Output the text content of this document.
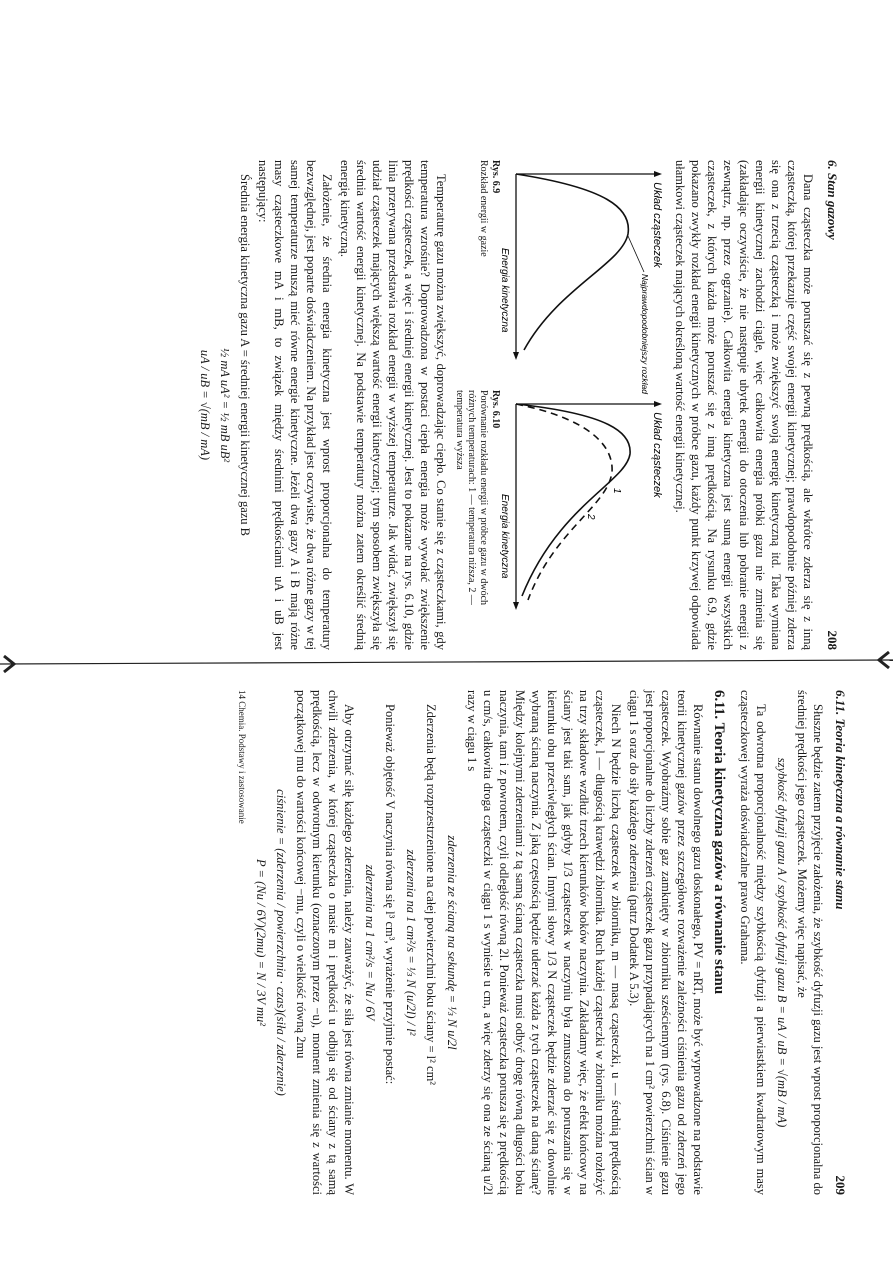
6. Stan gazowy
208

Dana cząsteczka może poruszać się z pewną prędkością, ale wkrótce zderza się z inną cząsteczką, której przekazuje część swojej energii kinetycznej; prawdopodobnie później zderza się ona z trzecią cząsteczką i może zwiększyć swoją energię kinetyczną itd. Taka wymiana energii kinetycznej zachodzi ciągle, więc całkowita energia próbki gazu nie zmienia się (zakładając oczywiście, że nie następuje ubytek energii do otoczenia lub pobranie energii z zewnątrz, np. przez ogrzanie). Całkowita energia kinetyczna jest sumą energii wszystkich cząsteczek, z których każda może poruszać się z inną prędkością. Na rysunku 6.9, gdzie pokazano zwykły rozkład energii kinetycznych w próbce gazu, każdy punkt krzywej odpowiada ułamkowi cząsteczek mających określoną wartość energii kinetycznej.

Układ cząsteczek
Energia kinetyczna	Najprawdopodobniejszy rozkład
Rys. 6.9
Rozkład energii w gazie
Układ cząsteczek
Energia kinetyczna
1
2
Rys. 6.10
Porównanie rozkładu energii w próbce gazu w dwóch różnych temperaturach: 1 — temperatura niższa, 2 — temperatura wyższa

Temperaturę gazu można zwiększyć, doprowadzając ciepło. Co stanie się z cząsteczkami, gdy temperatura wzrośnie? Doprowadzona w postaci ciepła energia może wywołać zwiększenie prędkości cząsteczek, a więc i średniej energii kinetycznej. Jest to pokazane na rys. 6.10, gdzie linia przerywana przedstawia rozkład energii w wyższej temperaturze. Jak widać, zwiększył się udział cząsteczek mających większą wartość energii kinetycznej; tym sposobem zwiększyła się średnia wartość energii kinetycznej. Na podstawie temperatury można zatem określić średnią energię kinetyczną.

Założenie, że średnia energia kinetyczna jest wprost proporcjonalna do temperatury bezwzględnej, jest poparte doświadczeniem. Na przykład jest oczywiste, że dwa różne gazy w tej samej temperaturze muszą mieć równe energie kinetyczne. Jeżeli dwa gazy A i B mają różne masy cząsteczkowe mA i mB, to związek między średnimi prędkościami uA i uB jest następujący:

Średnia energia kinetyczna gazu A = średniej energii kinetycznej gazu B

½ mA uA² = ½ mB uB²
uA / uB = √(mB / mA)
6.11. Teoria kinetyczna a równanie stanu
209

Słuszne będzie zatem przyjęcie założenia, że szybkość dyfuzji gazu jest wprost proporcjonalna do średniej prędkości jego cząsteczek. Możemy więc napisać, że

szybkość dyfuzji gazu A / szybkość dyfuzji gazu B = uA / uB = √(mB / mA)

Ta odwrotna proporcjonalność między szybkością dyfuzji a pierwiastkiem kwadratowym masy cząsteczkowej wyraża doświadczalne prawo Grahama.

6.11. Teoria kinetyczna gazów a równanie stanu

Równanie stanu dowolnego gazu doskonałego, PV = nRT, może być wyprowadzone na podstawie teorii kinetycznej gazów przez szczegółowe rozważenie zależności ciśnienia gazu od zderzeń jego cząsteczek. Wyobraźmy sobie gaz zamknięty w zbiorniku sześciennym (rys. 6.8). Ciśnienie gazu jest proporcjonalne do liczby zderzeń cząsteczek gazu przypadających na 1 cm² powierzchni ścian w ciągu 1 s oraz do siły każdego zderzenia (patrz Dodatek A 5.3).

Niech N będzie liczbą cząsteczek w zbiorniku, m — masą cząsteczki, u — średnią prędkością cząsteczek, l — długością krawędzi zbiornika. Ruch każdej cząsteczki w zbiorniku można rozłożyć na trzy składowe wzdłuż trzech kierunków boków naczynia. Zakładamy więc, że efekt końcowy na ściany jest taki sam, jak gdyby 1/3 cząsteczek w naczyniu była zmuszona do poruszania się w kierunku obu przeciwległych ścian. Innymi słowy 1/3 N cząsteczek będzie zderzać się z dowolnie wybraną ścianą naczynia. Z jaką częstością będzie uderzać każda z tych cząsteczek na daną ścianę? Między kolejnymi zderzeniami z tą samą ścianą cząsteczka musi odbyć drogę równą długości boku naczynia, tam i z powrotem, czyli odległość równą 2l. Ponieważ cząsteczka porusza się z prędkością u cm/s, całkowita droga cząsteczki w ciągu 1 s wyniesie u cm, a więc zderzy się ona ze ścianą u/2l razy w ciągu 1 s

zderzenia ze ścianą na sekundę = ⅓ N u/2l

Zderzenia będą rozprzestrzenione na całej powierzchni boku ściany = l² cm²

zderzenia na 1 cm²/s = ⅓ N (u/2l) / l²

Ponieważ objętość V naczynia równa się l³ cm³, wyrażenie przyjmie postać:

zderzenia na 1 cm²/s = Nu / 6V

Aby otrzymać siłę każdego zderzenia, należy zauważyć, że siła jest równa zmianie momentu. W chwili zderzenia, w której cząsteczka o masie m i prędkości u odbija się od ściany z tą samą prędkością, lecz w odwrotnym kierunku (oznaczonym przez −u), moment zmienia się z wartości początkowej mu do wartości końcowej −mu, czyli o wielkość równą 2mu

ciśnienie = (zderzenia / powierzchnia · czas)(siła / zderzenie)
P = (Nu / 6V)(2mu) = N / 3V mu²
14 Chemia. Podstawy i zastosowanie
